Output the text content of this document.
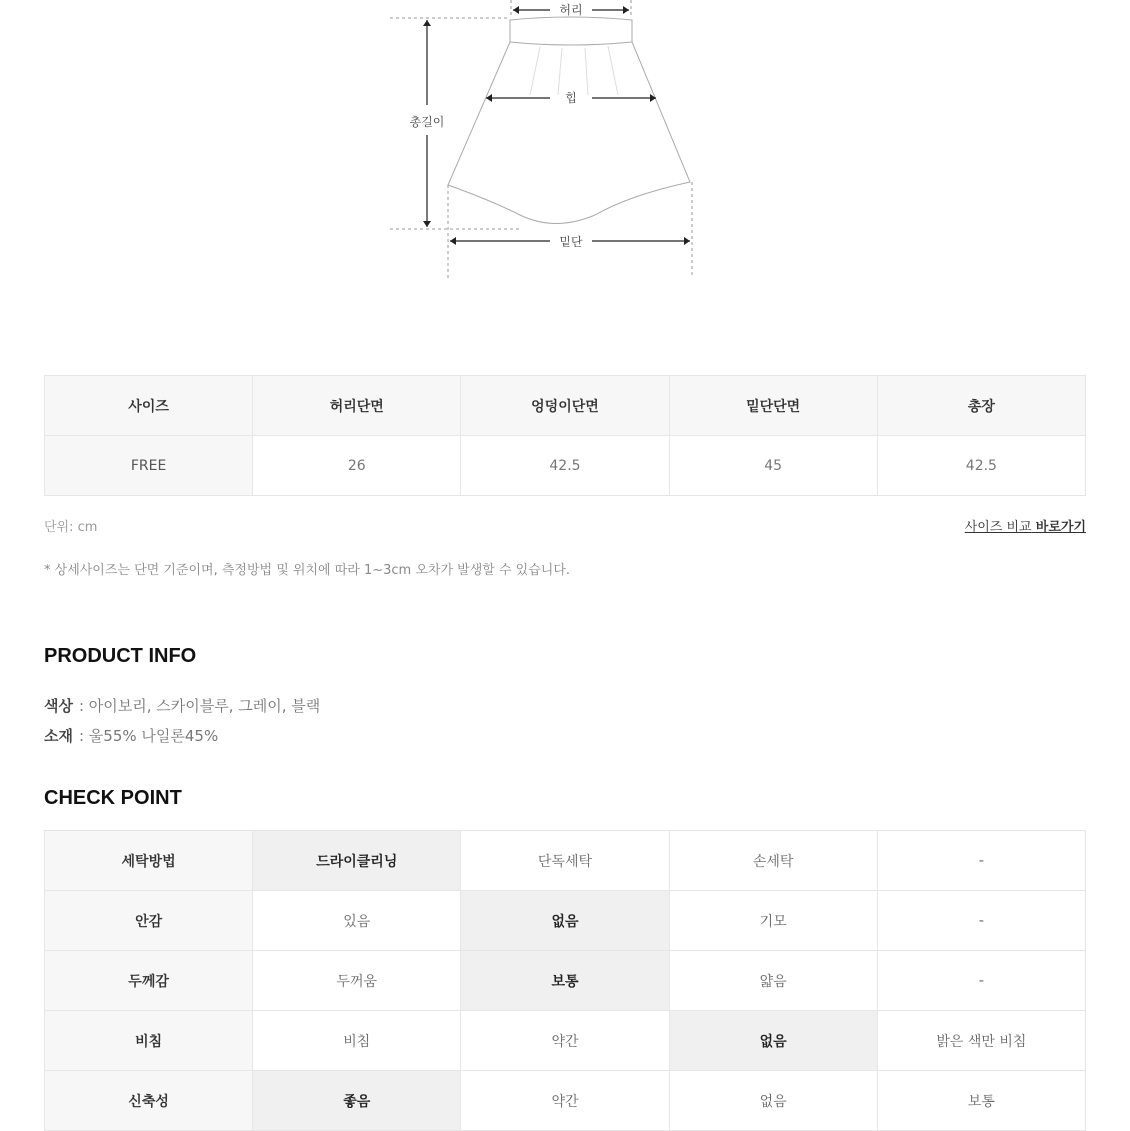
허리
힙
총길이
밑단
사이즈	허리단면	엉덩이단면	밑단단면	총장
FREE	26	42.5	45	42.5
단위: cm	사이즈 비교 바로가기
* 상세사이즈는 단면 기준이며, 측정방법 및 위치에 따라 1~3cm 오차가 발생할 수 있습니다.
PRODUCT INFO
색상 : 아이보리, 스카이블루, 그레이, 블랙
소재 : 울55% 나일론45%
CHECK POINT
세탁방법	드라이클리닝	단독세탁	손세탁	-
안감	있음	없음	기모	-
두께감	두꺼움	보통	얇음	-
비침	비침	약간	없음	밝은 색만 비침
신축성	좋음	약간	없음	보통
